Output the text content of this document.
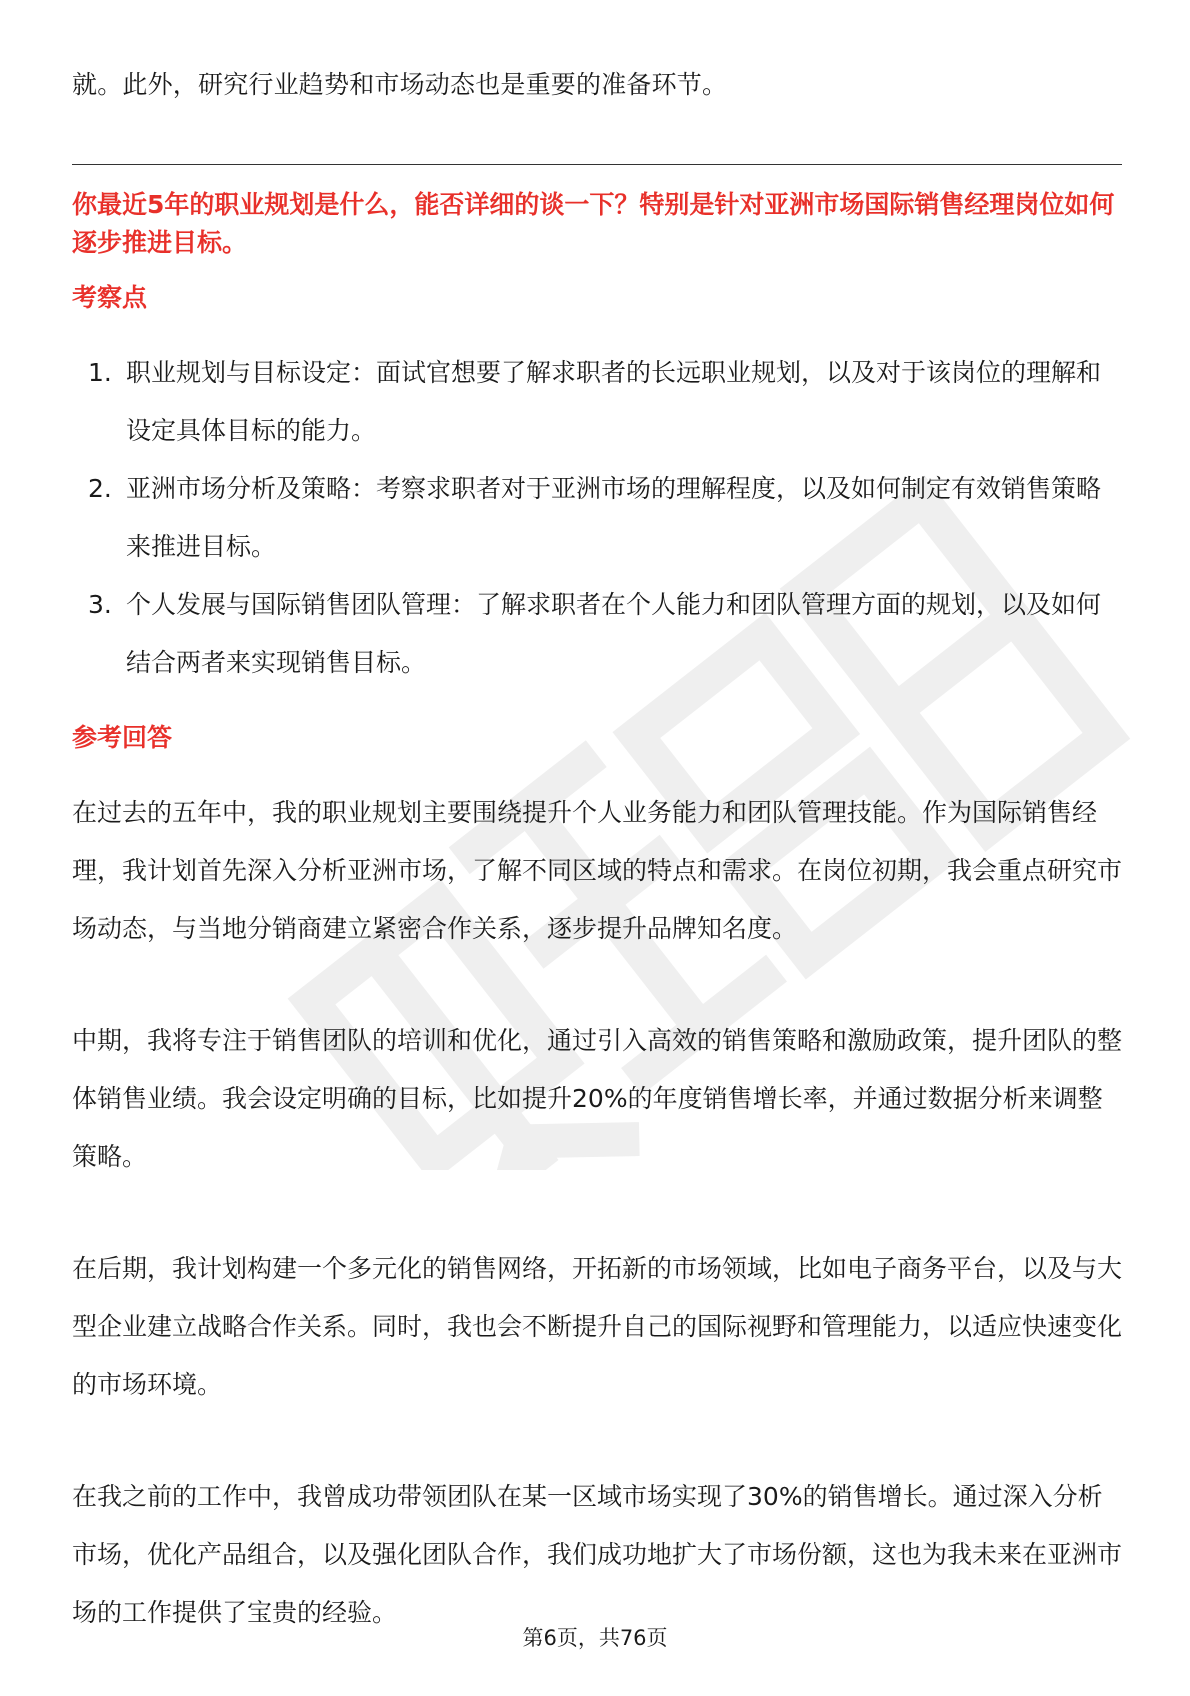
就。此外，研究行业趋势和市场动态也是重要的准备环节。

你最近5年的职业规划是什么，能否详细的谈一下？特别是针对亚洲市场国际销售经理岗位如何逐步推进目标。

考察点

1. 职业规划与目标设定：面试官想要了解求职者的长远职业规划，以及对于该岗位的理解和设定具体目标的能力。
2. 亚洲市场分析及策略：考察求职者对于亚洲市场的理解程度，以及如何制定有效销售策略来推进目标。
3. 个人发展与国际销售团队管理：了解求职者在个人能力和团队管理方面的规划，以及如何结合两者来实现销售目标。

参考回答

在过去的五年中，我的职业规划主要围绕提升个人业务能力和团队管理技能。作为国际销售经理，我计划首先深入分析亚洲市场，了解不同区域的特点和需求。在岗位初期，我会重点研究市场动态，与当地分销商建立紧密合作关系，逐步提升品牌知名度。

中期，我将专注于销售团队的培训和优化，通过引入高效的销售策略和激励政策，提升团队的整体销售业绩。我会设定明确的目标，比如提升20%的年度销售增长率，并通过数据分析来调整策略。

在后期，我计划构建一个多元化的销售网络，开拓新的市场领域，比如电子商务平台，以及与大型企业建立战略合作关系。同时，我也会不断提升自己的国际视野和管理能力，以适应快速变化的市场环境。

在我之前的工作中，我曾成功带领团队在某一区域市场实现了30%的销售增长。通过深入分析市场，优化产品组合，以及强化团队合作，我们成功地扩大了市场份额，这也为我未来在亚洲市场的工作提供了宝贵的经验。

第6页，共76页
